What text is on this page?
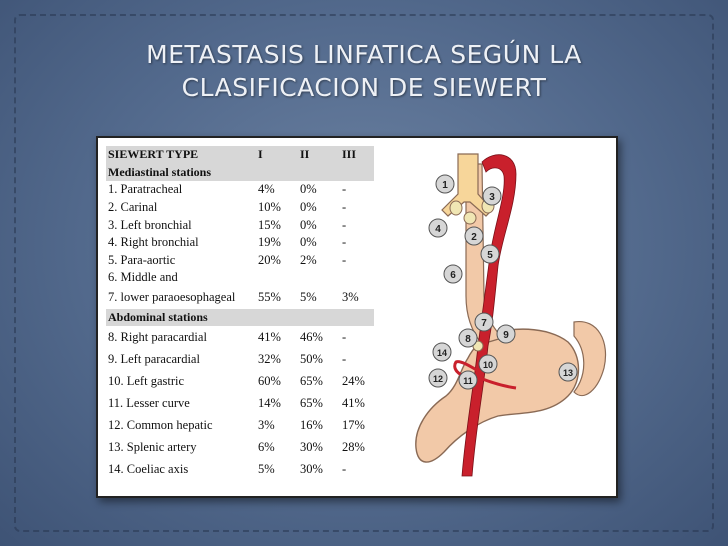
METASTASIS LINFATICA SEGÚN LA
CLASIFICACION DE SIEWERT
SIEWERT TYPE	I	II	III
Mediastinal stations			
1. Paratracheal	4%	0%	-
2. Carinal	10%	0%	-
3. Left bronchial	15%	0%	-
4. Right bronchial	19%	0%	-
5. Para-aortic	20%	2%	-
6. Middle and			
7. lower paraoesophageal	55%	5%	3%
Abdominal stations			
8. Right paracardial	41%	46%	-
9. Left paracardial	32%	50%	-
10. Left gastric	60%	65%	24%
11. Lesser curve	14%	65%	41%
12. Common hepatic	3%	16%	17%
13. Splenic artery	6%	30%	28%
14. Coeliac axis	5%	30%	-
1
2
3
4
5
6
7
8	9
10
11
12
13
14
